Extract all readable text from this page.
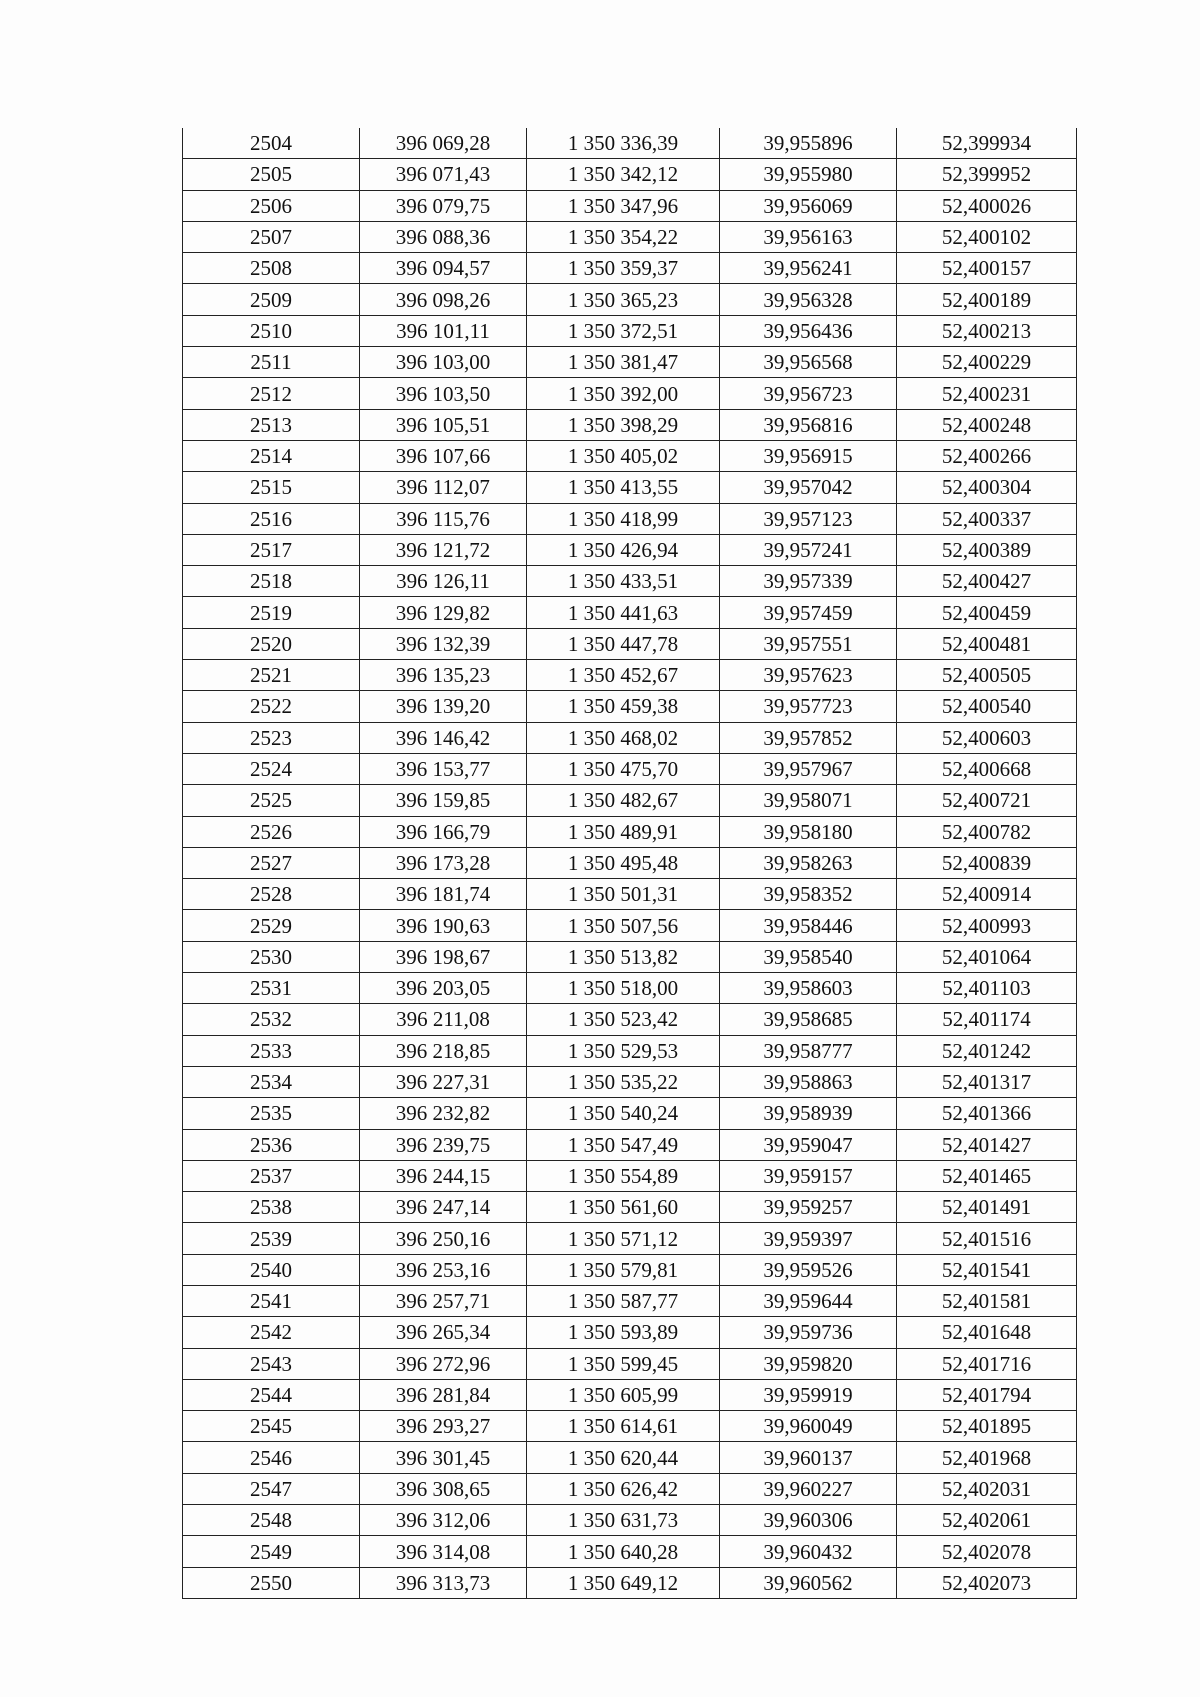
2504	396 069,28	1 350 336,39	39,955896	52,399934
2505	396 071,43	1 350 342,12	39,955980	52,399952
2506	396 079,75	1 350 347,96	39,956069	52,400026
2507	396 088,36	1 350 354,22	39,956163	52,400102
2508	396 094,57	1 350 359,37	39,956241	52,400157
2509	396 098,26	1 350 365,23	39,956328	52,400189
2510	396 101,11	1 350 372,51	39,956436	52,400213
2511	396 103,00	1 350 381,47	39,956568	52,400229
2512	396 103,50	1 350 392,00	39,956723	52,400231
2513	396 105,51	1 350 398,29	39,956816	52,400248
2514	396 107,66	1 350 405,02	39,956915	52,400266
2515	396 112,07	1 350 413,55	39,957042	52,400304
2516	396 115,76	1 350 418,99	39,957123	52,400337
2517	396 121,72	1 350 426,94	39,957241	52,400389
2518	396 126,11	1 350 433,51	39,957339	52,400427
2519	396 129,82	1 350 441,63	39,957459	52,400459
2520	396 132,39	1 350 447,78	39,957551	52,400481
2521	396 135,23	1 350 452,67	39,957623	52,400505
2522	396 139,20	1 350 459,38	39,957723	52,400540
2523	396 146,42	1 350 468,02	39,957852	52,400603
2524	396 153,77	1 350 475,70	39,957967	52,400668
2525	396 159,85	1 350 482,67	39,958071	52,400721
2526	396 166,79	1 350 489,91	39,958180	52,400782
2527	396 173,28	1 350 495,48	39,958263	52,400839
2528	396 181,74	1 350 501,31	39,958352	52,400914
2529	396 190,63	1 350 507,56	39,958446	52,400993
2530	396 198,67	1 350 513,82	39,958540	52,401064
2531	396 203,05	1 350 518,00	39,958603	52,401103
2532	396 211,08	1 350 523,42	39,958685	52,401174
2533	396 218,85	1 350 529,53	39,958777	52,401242
2534	396 227,31	1 350 535,22	39,958863	52,401317
2535	396 232,82	1 350 540,24	39,958939	52,401366
2536	396 239,75	1 350 547,49	39,959047	52,401427
2537	396 244,15	1 350 554,89	39,959157	52,401465
2538	396 247,14	1 350 561,60	39,959257	52,401491
2539	396 250,16	1 350 571,12	39,959397	52,401516
2540	396 253,16	1 350 579,81	39,959526	52,401541
2541	396 257,71	1 350 587,77	39,959644	52,401581
2542	396 265,34	1 350 593,89	39,959736	52,401648
2543	396 272,96	1 350 599,45	39,959820	52,401716
2544	396 281,84	1 350 605,99	39,959919	52,401794
2545	396 293,27	1 350 614,61	39,960049	52,401895
2546	396 301,45	1 350 620,44	39,960137	52,401968
2547	396 308,65	1 350 626,42	39,960227	52,402031
2548	396 312,06	1 350 631,73	39,960306	52,402061
2549	396 314,08	1 350 640,28	39,960432	52,402078
2550	396 313,73	1 350 649,12	39,960562	52,402073
